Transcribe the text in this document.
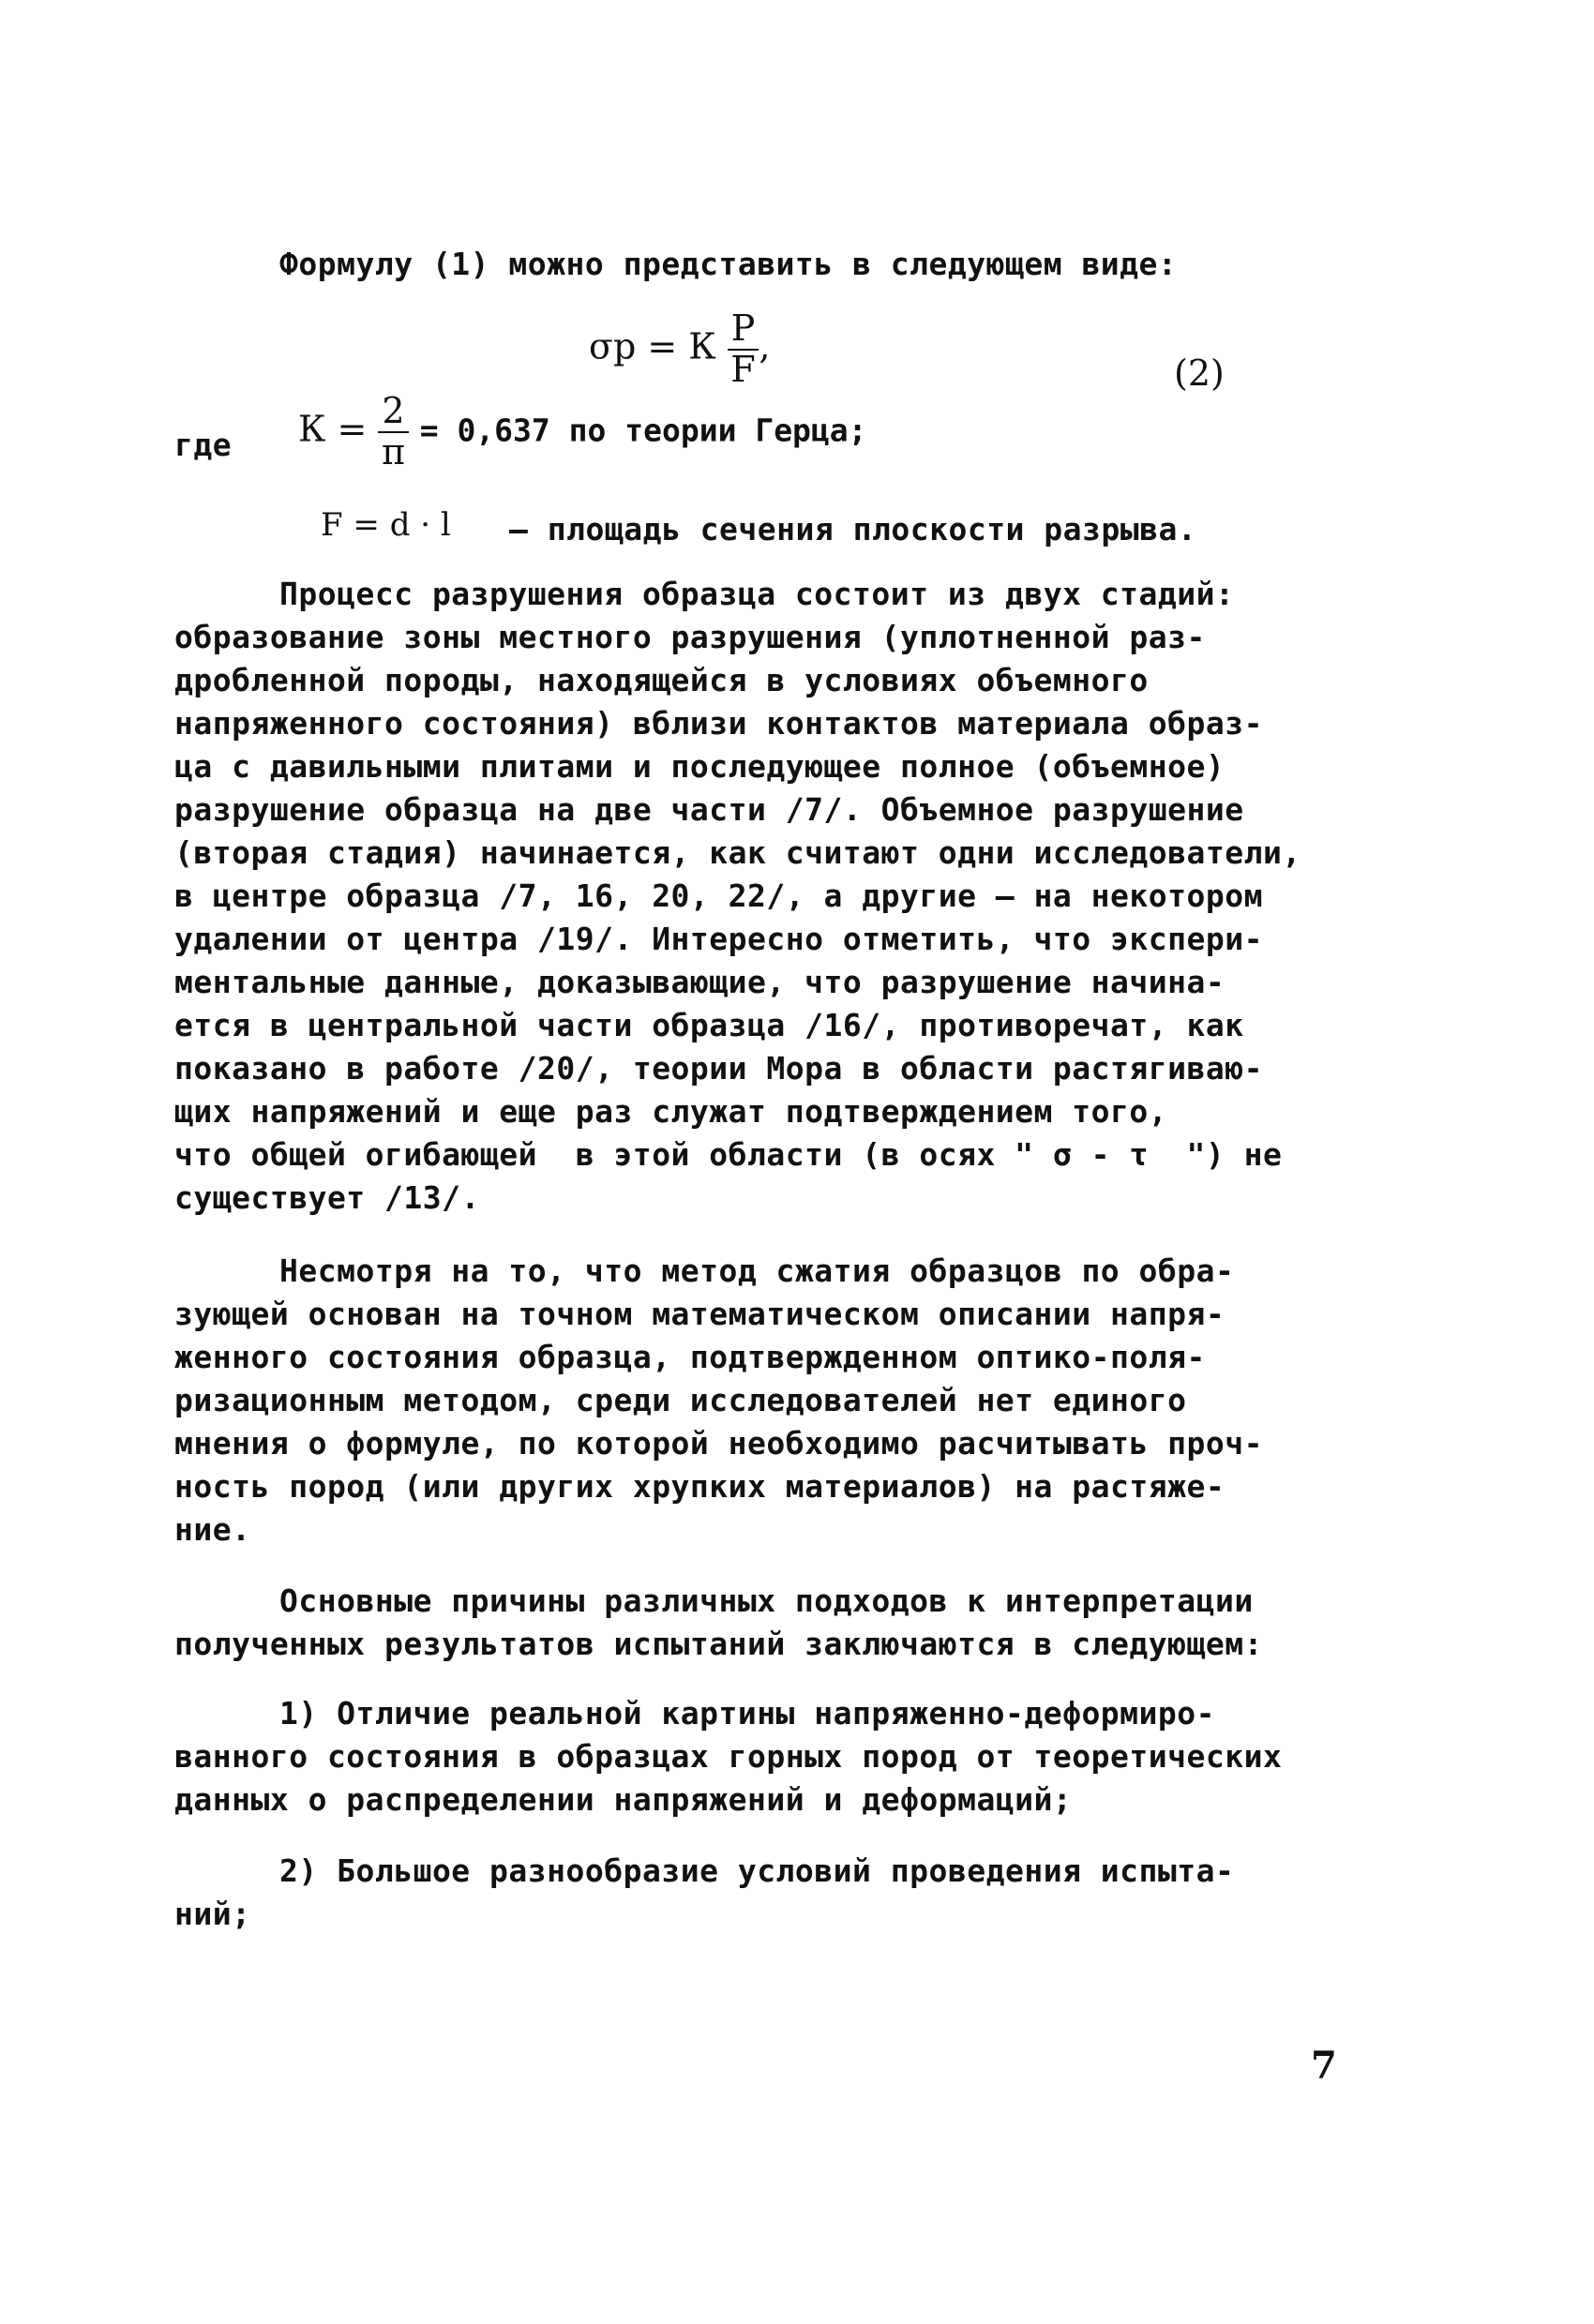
Формулу (1) можно представить в следующем виде:
σр = К $\frac{P}{F}$ ,
(2)
где $К = \frac{2}{\pi} = 0,637$ по теории Герца;
F = d · l – площадь сечения плоскости разрыва.
Процесс разрушения образца состоит из двух стадий:
образование зоны местного разрушения (уплотненной раз-
дробленной породы, находящейся в условиях объемного
напряженного состояния) вблизи контактов материала образ-
ца с давильными плитами и последующее полное (объемное)
разрушение образца на две части /7/. Объемное разрушение
(вторая стадия) начинается, как считают одни исследователи,
в центре образца /7, 16, 20, 22/, а другие – на некотором
удалении от центра /19/. Интересно отметить, что экспери-
ментальные данные, доказывающие, что разрушение начина-
ется в центральной части образца /16/, противоречат, как
показано в работе /20/, теории Мора в области растягиваю-
щих напряжений и еще раз служат подтверждением того,
что общей огибающей  в этой области (в осях " σ - τ  ") не
существует /13/.
Несмотря на то, что метод сжатия образцов по обра-
зующей основан на точном математическом описании напря-
женного состояния образца, подтвержденном оптико-поля-
ризационным методом, среди исследователей нет единого
мнения о формуле, по которой необходимо расчитывать проч-
ность пород (или других хрупких материалов) на растяже-
ние.
Основные причины различных подходов к интерпретации
полученных результатов испытаний заключаются в следующем:
1) Отличие реальной картины напряженно-деформиро-
ванного состояния в образцах горных пород от теоретических
данных о распределении напряжений и деформаций;
2) Большое разнообразие условий проведения испыта-
ний;
7
